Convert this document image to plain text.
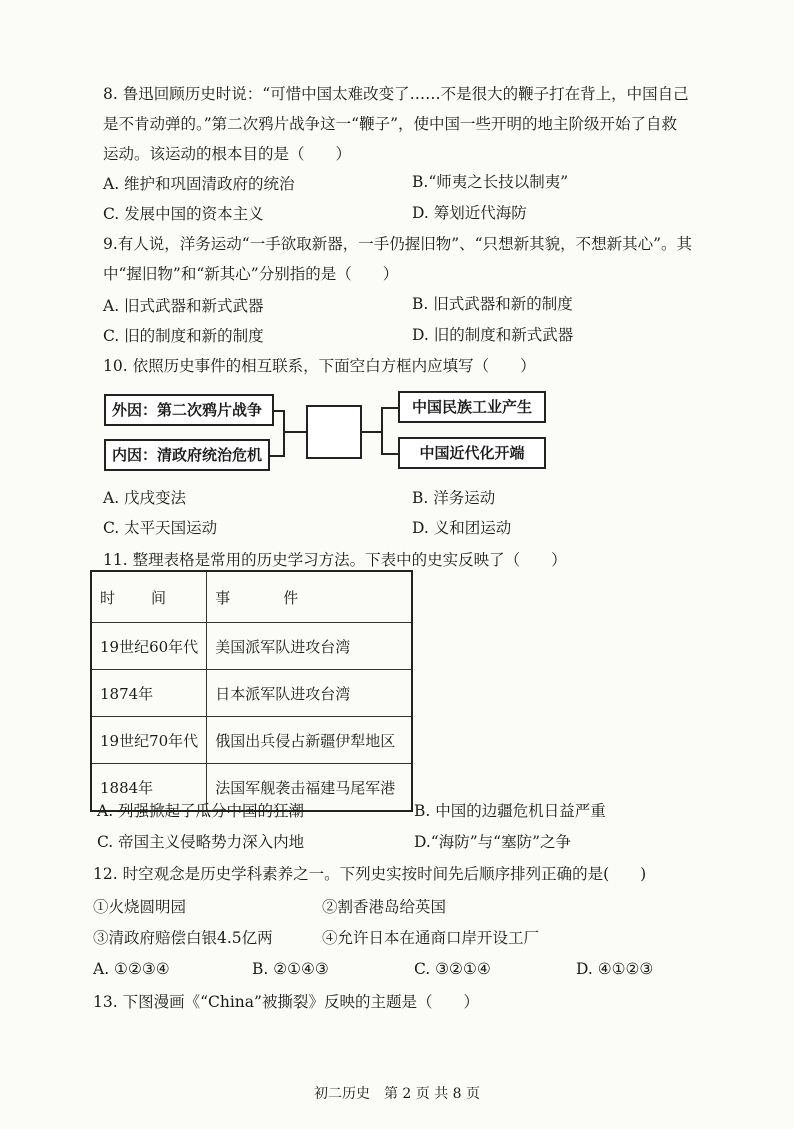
8. 鲁迅回顾历史时说：“可惜中国太难改变了……不是很大的鞭子打在背上，中国自己
是不肯动弹的。”第二次鸦片战争这一“鞭子”，使中国一些开明的地主阶级开始了自救
运动。该运动的根本目的是（　　）
A. 维护和巩固清政府的统治	B.“师夷之长技以制夷”
C. 发展中国的资本主义	D. 筹划近代海防
9.有人说，洋务运动“一手欲取新器，一手仍握旧物”、“只想新其貌，不想新其心”。其
中“握旧物”和“新其心”分别指的是（　　）
A. 旧式武器和新式武器	B. 旧式武器和新的制度
C. 旧的制度和新的制度	D. 旧的制度和新式武器
10. 依照历史事件的相互联系，下面空白方框内应填写（　　）
外因：第二次鸦片战争
内因：清政府统治危机
中国民族工业产生
中国近代化开端
A. 戊戌变法	B. 洋务运动
C. 太平天国运动	D. 义和团运动
11. 整理表格是常用的历史学习方法。下表中的史实反映了（　　）
时　　间	事　　　件
19世纪60年代	美国派军队进攻台湾
1874年	日本派军队进攻台湾
19世纪70年代	俄国出兵侵占新疆伊犁地区
1884年	法国军舰袭击福建马尾军港
A. 列强掀起了瓜分中国的狂潮	B. 中国的边疆危机日益严重
C. 帝国主义侵略势力深入内地	D.“海防”与“塞防”之争
12. 时空观念是历史学科素养之一。下列史实按时间先后顺序排列正确的是(　　)
①火烧圆明园	②割香港岛给英国
③清政府赔偿白银4.5亿两	④允许日本在通商口岸开设工厂
A. ①②③④	B. ②①④③	C. ③②①④	D. ④①②③
13. 下图漫画《“China”被撕裂》反映的主题是（　　）
初二历史　第 2 页 共 8 页
